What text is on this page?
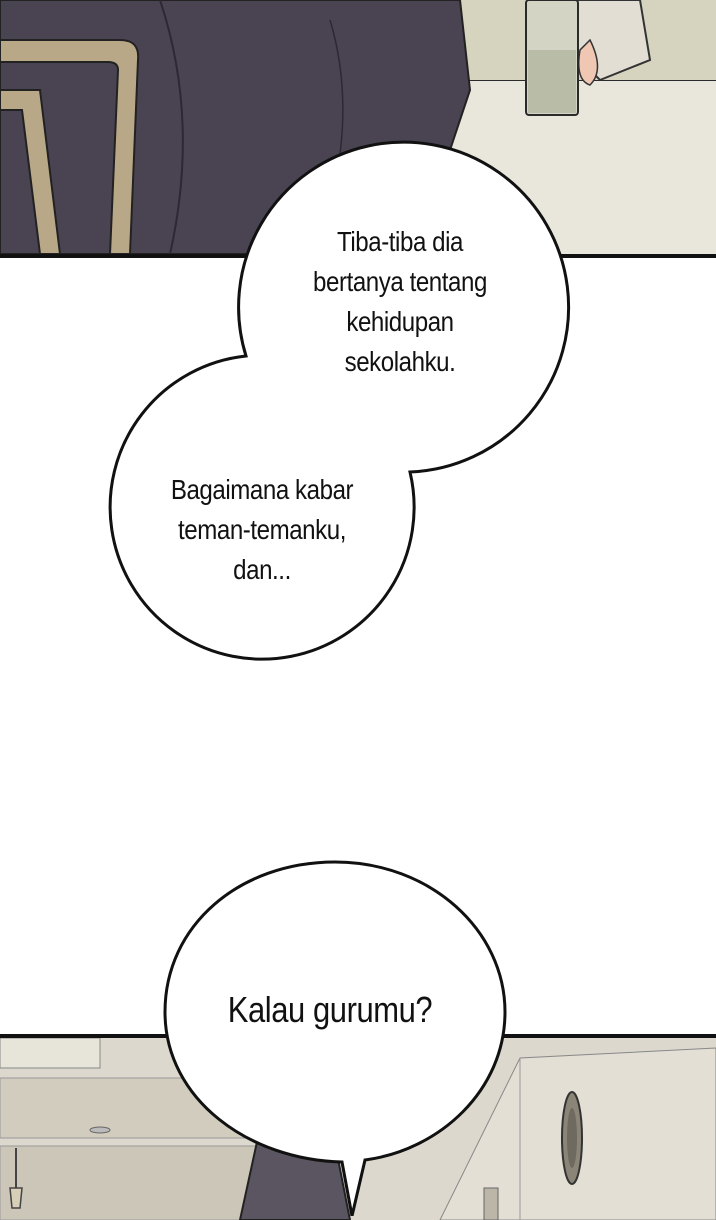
Tiba-tiba dia
bertanya tentang
kehidupan
sekolahku.
Bagaimana kabar
teman-temanku,
dan...
Kalau gurumu?
